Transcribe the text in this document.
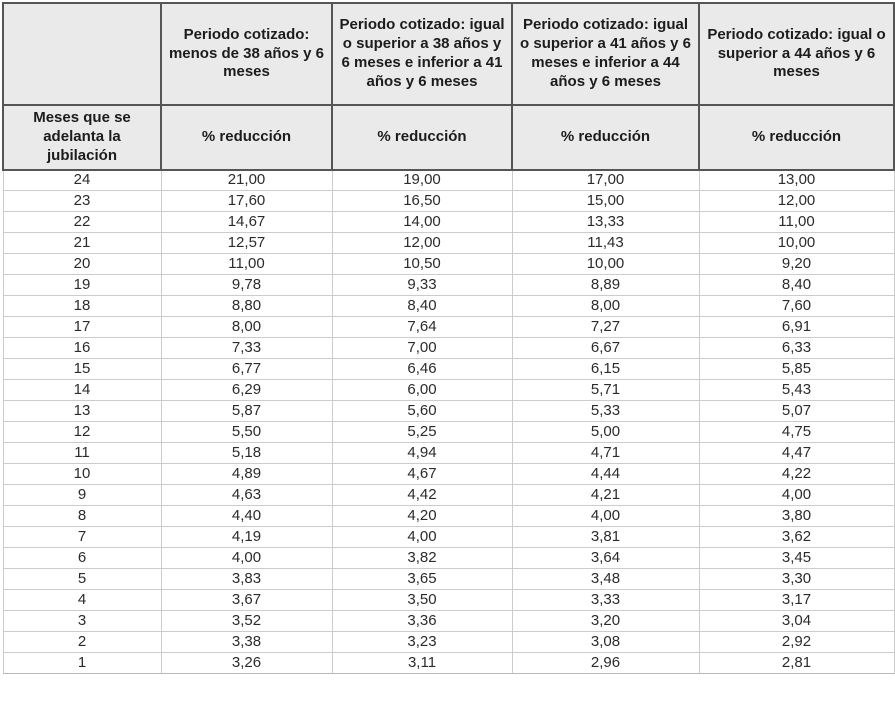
	Periodo cotizado: menos de 38 años y 6 meses	Periodo cotizado: igual o superior a 38 años y 6 meses e inferior a 41 años y 6 meses	Periodo cotizado: igual o superior a 41 años y 6 meses e inferior a 44 años y 6 meses	Periodo cotizado: igual o superior a 44 años y 6 meses
Meses que se adelanta la jubilación	% reducción	% reducción	% reducción	% reducción
24	21,00	19,00	17,00	13,00
23	17,60	16,50	15,00	12,00
22	14,67	14,00	13,33	11,00
21	12,57	12,00	11,43	10,00
20	11,00	10,50	10,00	9,20
19	9,78	9,33	8,89	8,40
18	8,80	8,40	8,00	7,60
17	8,00	7,64	7,27	6,91
16	7,33	7,00	6,67	6,33
15	6,77	6,46	6,15	5,85
14	6,29	6,00	5,71	5,43
13	5,87	5,60	5,33	5,07
12	5,50	5,25	5,00	4,75
11	5,18	4,94	4,71	4,47
10	4,89	4,67	4,44	4,22
9	4,63	4,42	4,21	4,00
8	4,40	4,20	4,00	3,80
7	4,19	4,00	3,81	3,62
6	4,00	3,82	3,64	3,45
5	3,83	3,65	3,48	3,30
4	3,67	3,50	3,33	3,17
3	3,52	3,36	3,20	3,04
2	3,38	3,23	3,08	2,92
1	3,26	3,11	2,96	2,81
